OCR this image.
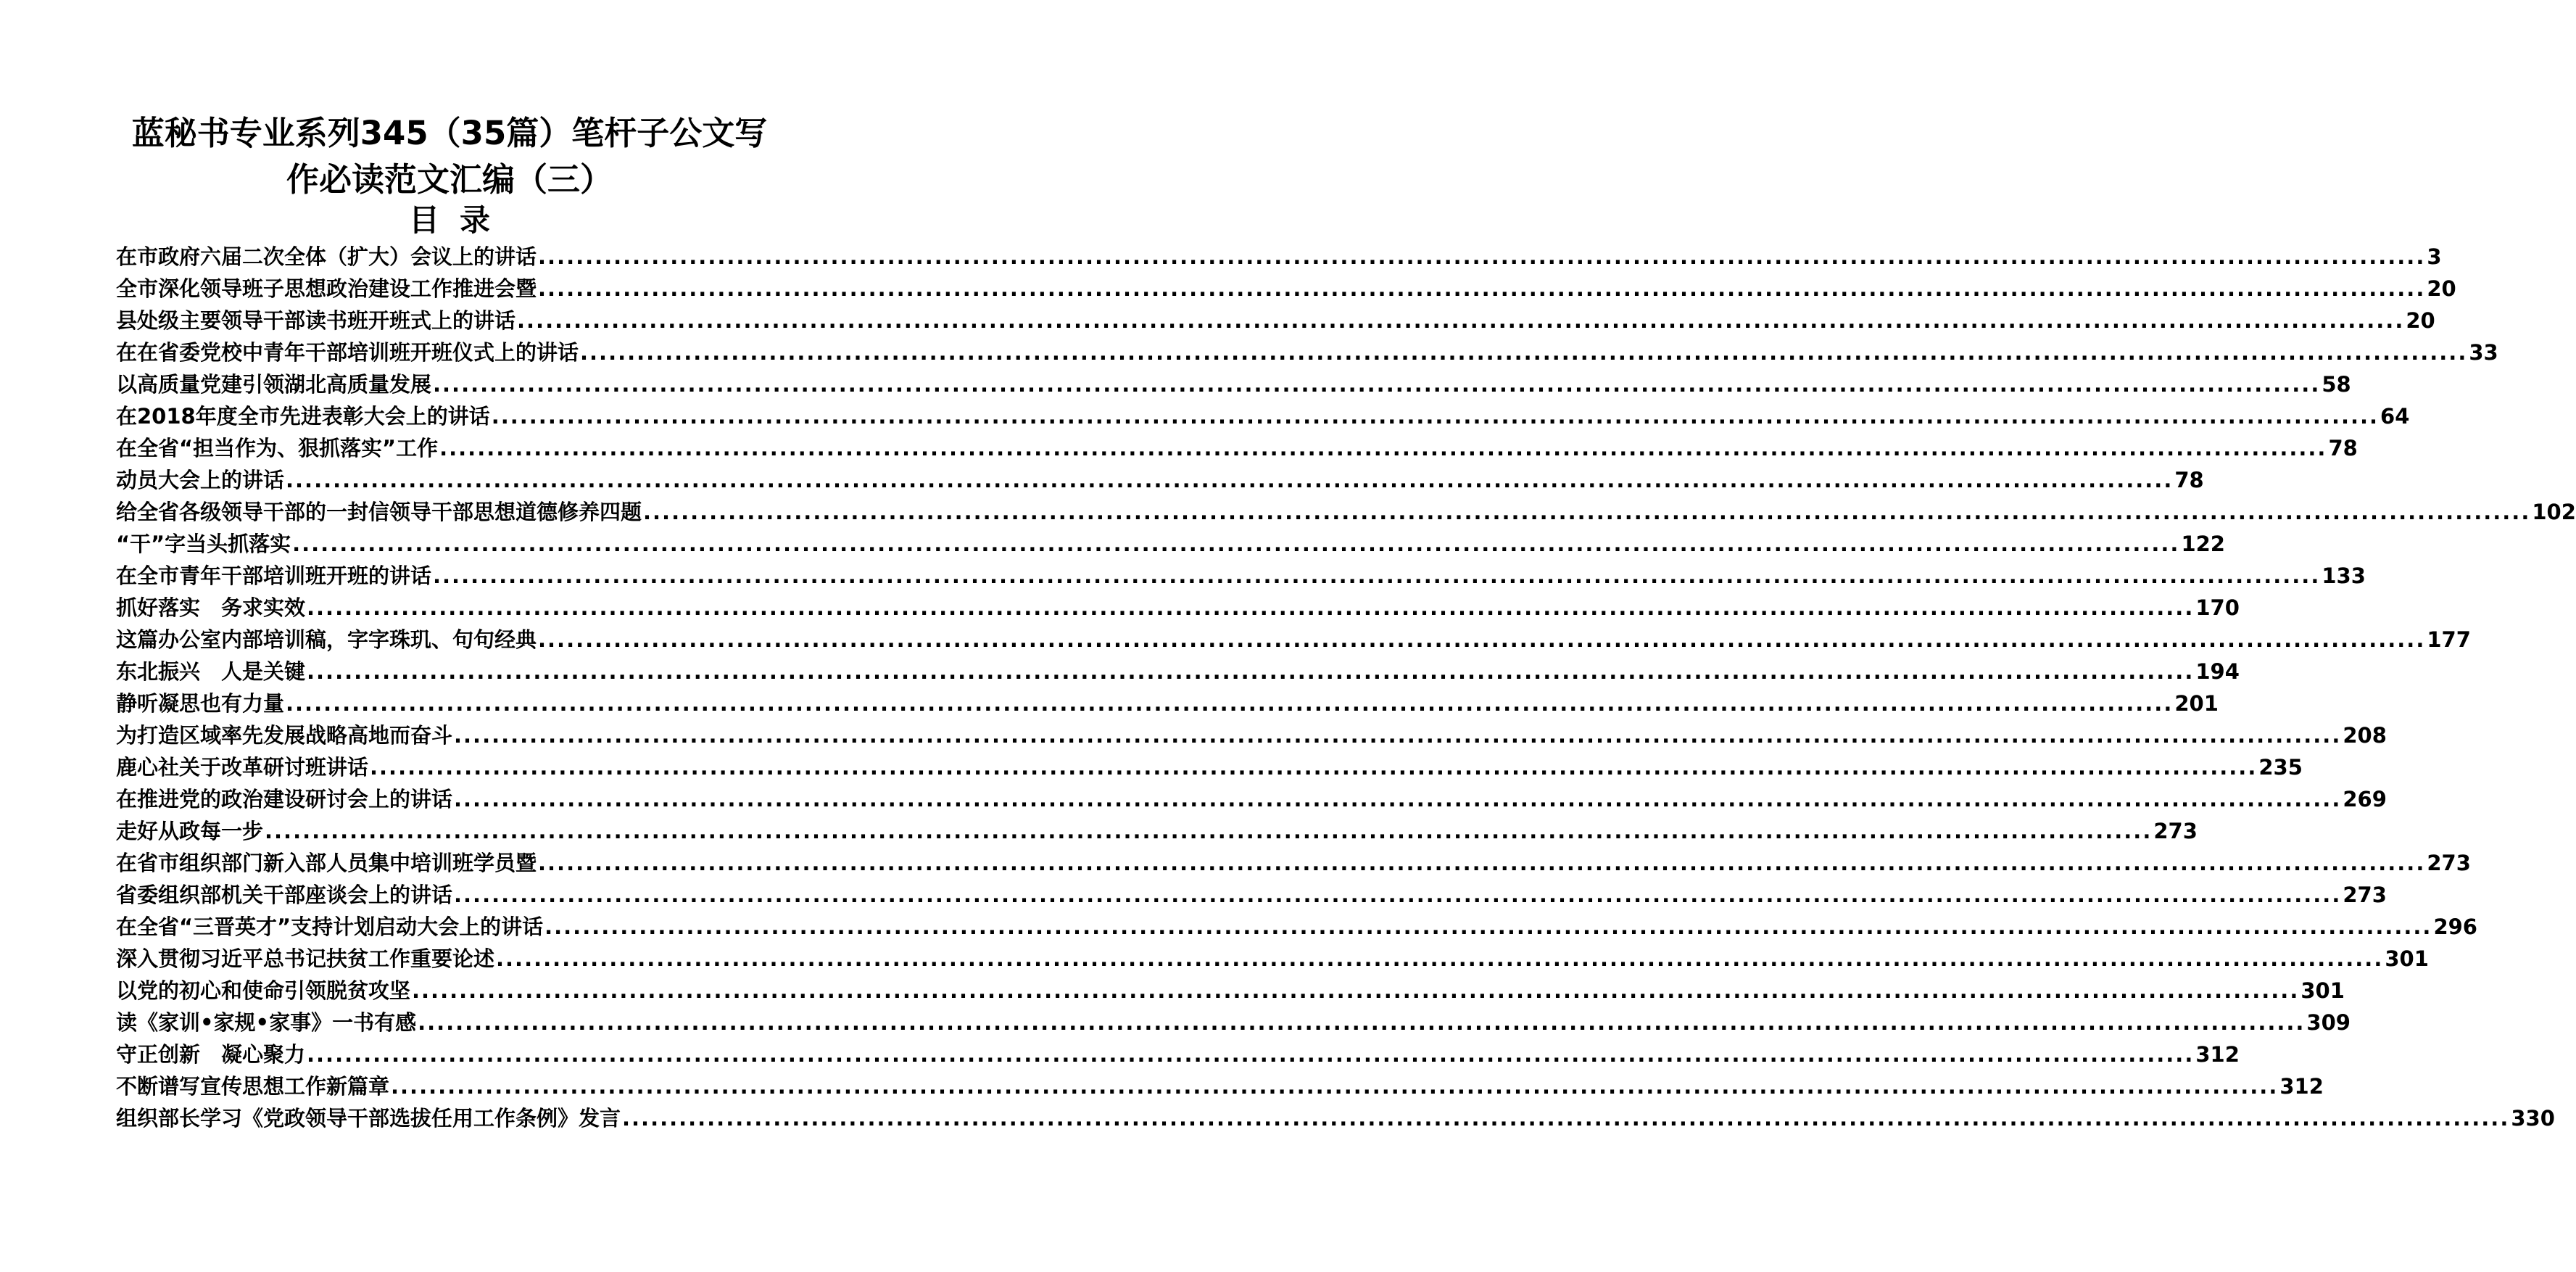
蓝秘书专业系列345（35篇）笔杆子公文写
作必读范文汇编（三）
目录
在市政府六届二次全体（扩大）会议上的讲话 ........................................................................................................................................................................................................ 3
全市深化领导班子思想政治建设工作推进会暨 ........................................................................................................................................................................................................ 20
县处级主要领导干部读书班开班式上的讲话 ........................................................................................................................................................................................................ 20
在在省委党校中青年干部培训班开班仪式上的讲话 ........................................................................................................................................................................................................ 33
以高质量党建引领湖北高质量发展 ........................................................................................................................................................................................................ 58
在2018年度全市先进表彰大会上的讲话 ........................................................................................................................................................................................................ 64
在全省“担当作为、狠抓落实”工作 ........................................................................................................................................................................................................ 78
动员大会上的讲话 ........................................................................................................................................................................................................ 78
给全省各级领导干部的一封信领导干部思想道德修养四题 ........................................................................................................................................................................................................ 102
“干”字当头抓落实 ........................................................................................................................................................................................................ 122
在全市青年干部培训班开班的讲话 ........................................................................................................................................................................................................ 133
抓好落实　务求实效 ........................................................................................................................................................................................................ 170
这篇办公室内部培训稿，字字珠玑、句句经典 ........................................................................................................................................................................................................ 177
东北振兴　人是关键 ........................................................................................................................................................................................................ 194
静听凝思也有力量 ........................................................................................................................................................................................................ 201
为打造区域率先发展战略高地而奋斗 ........................................................................................................................................................................................................ 208
鹿心社关于改革研讨班讲话 ........................................................................................................................................................................................................ 235
在推进党的政治建设研讨会上的讲话 ........................................................................................................................................................................................................ 269
走好从政每一步 ........................................................................................................................................................................................................ 273
在省市组织部门新入部人员集中培训班学员暨 ........................................................................................................................................................................................................ 273
省委组织部机关干部座谈会上的讲话 ........................................................................................................................................................................................................ 273
在全省“三晋英才”支持计划启动大会上的讲话 ........................................................................................................................................................................................................ 296
深入贯彻习近平总书记扶贫工作重要论述 ........................................................................................................................................................................................................ 301
以党的初心和使命引领脱贫攻坚 ........................................................................................................................................................................................................ 301
读《家训•家规•家事》一书有感 ........................................................................................................................................................................................................ 309
守正创新　凝心聚力 ........................................................................................................................................................................................................ 312
不断谱写宣传思想工作新篇章 ........................................................................................................................................................................................................ 312
组织部长学习《党政领导干部选拔任用工作条例》发言 ........................................................................................................................................................................................................ 330
